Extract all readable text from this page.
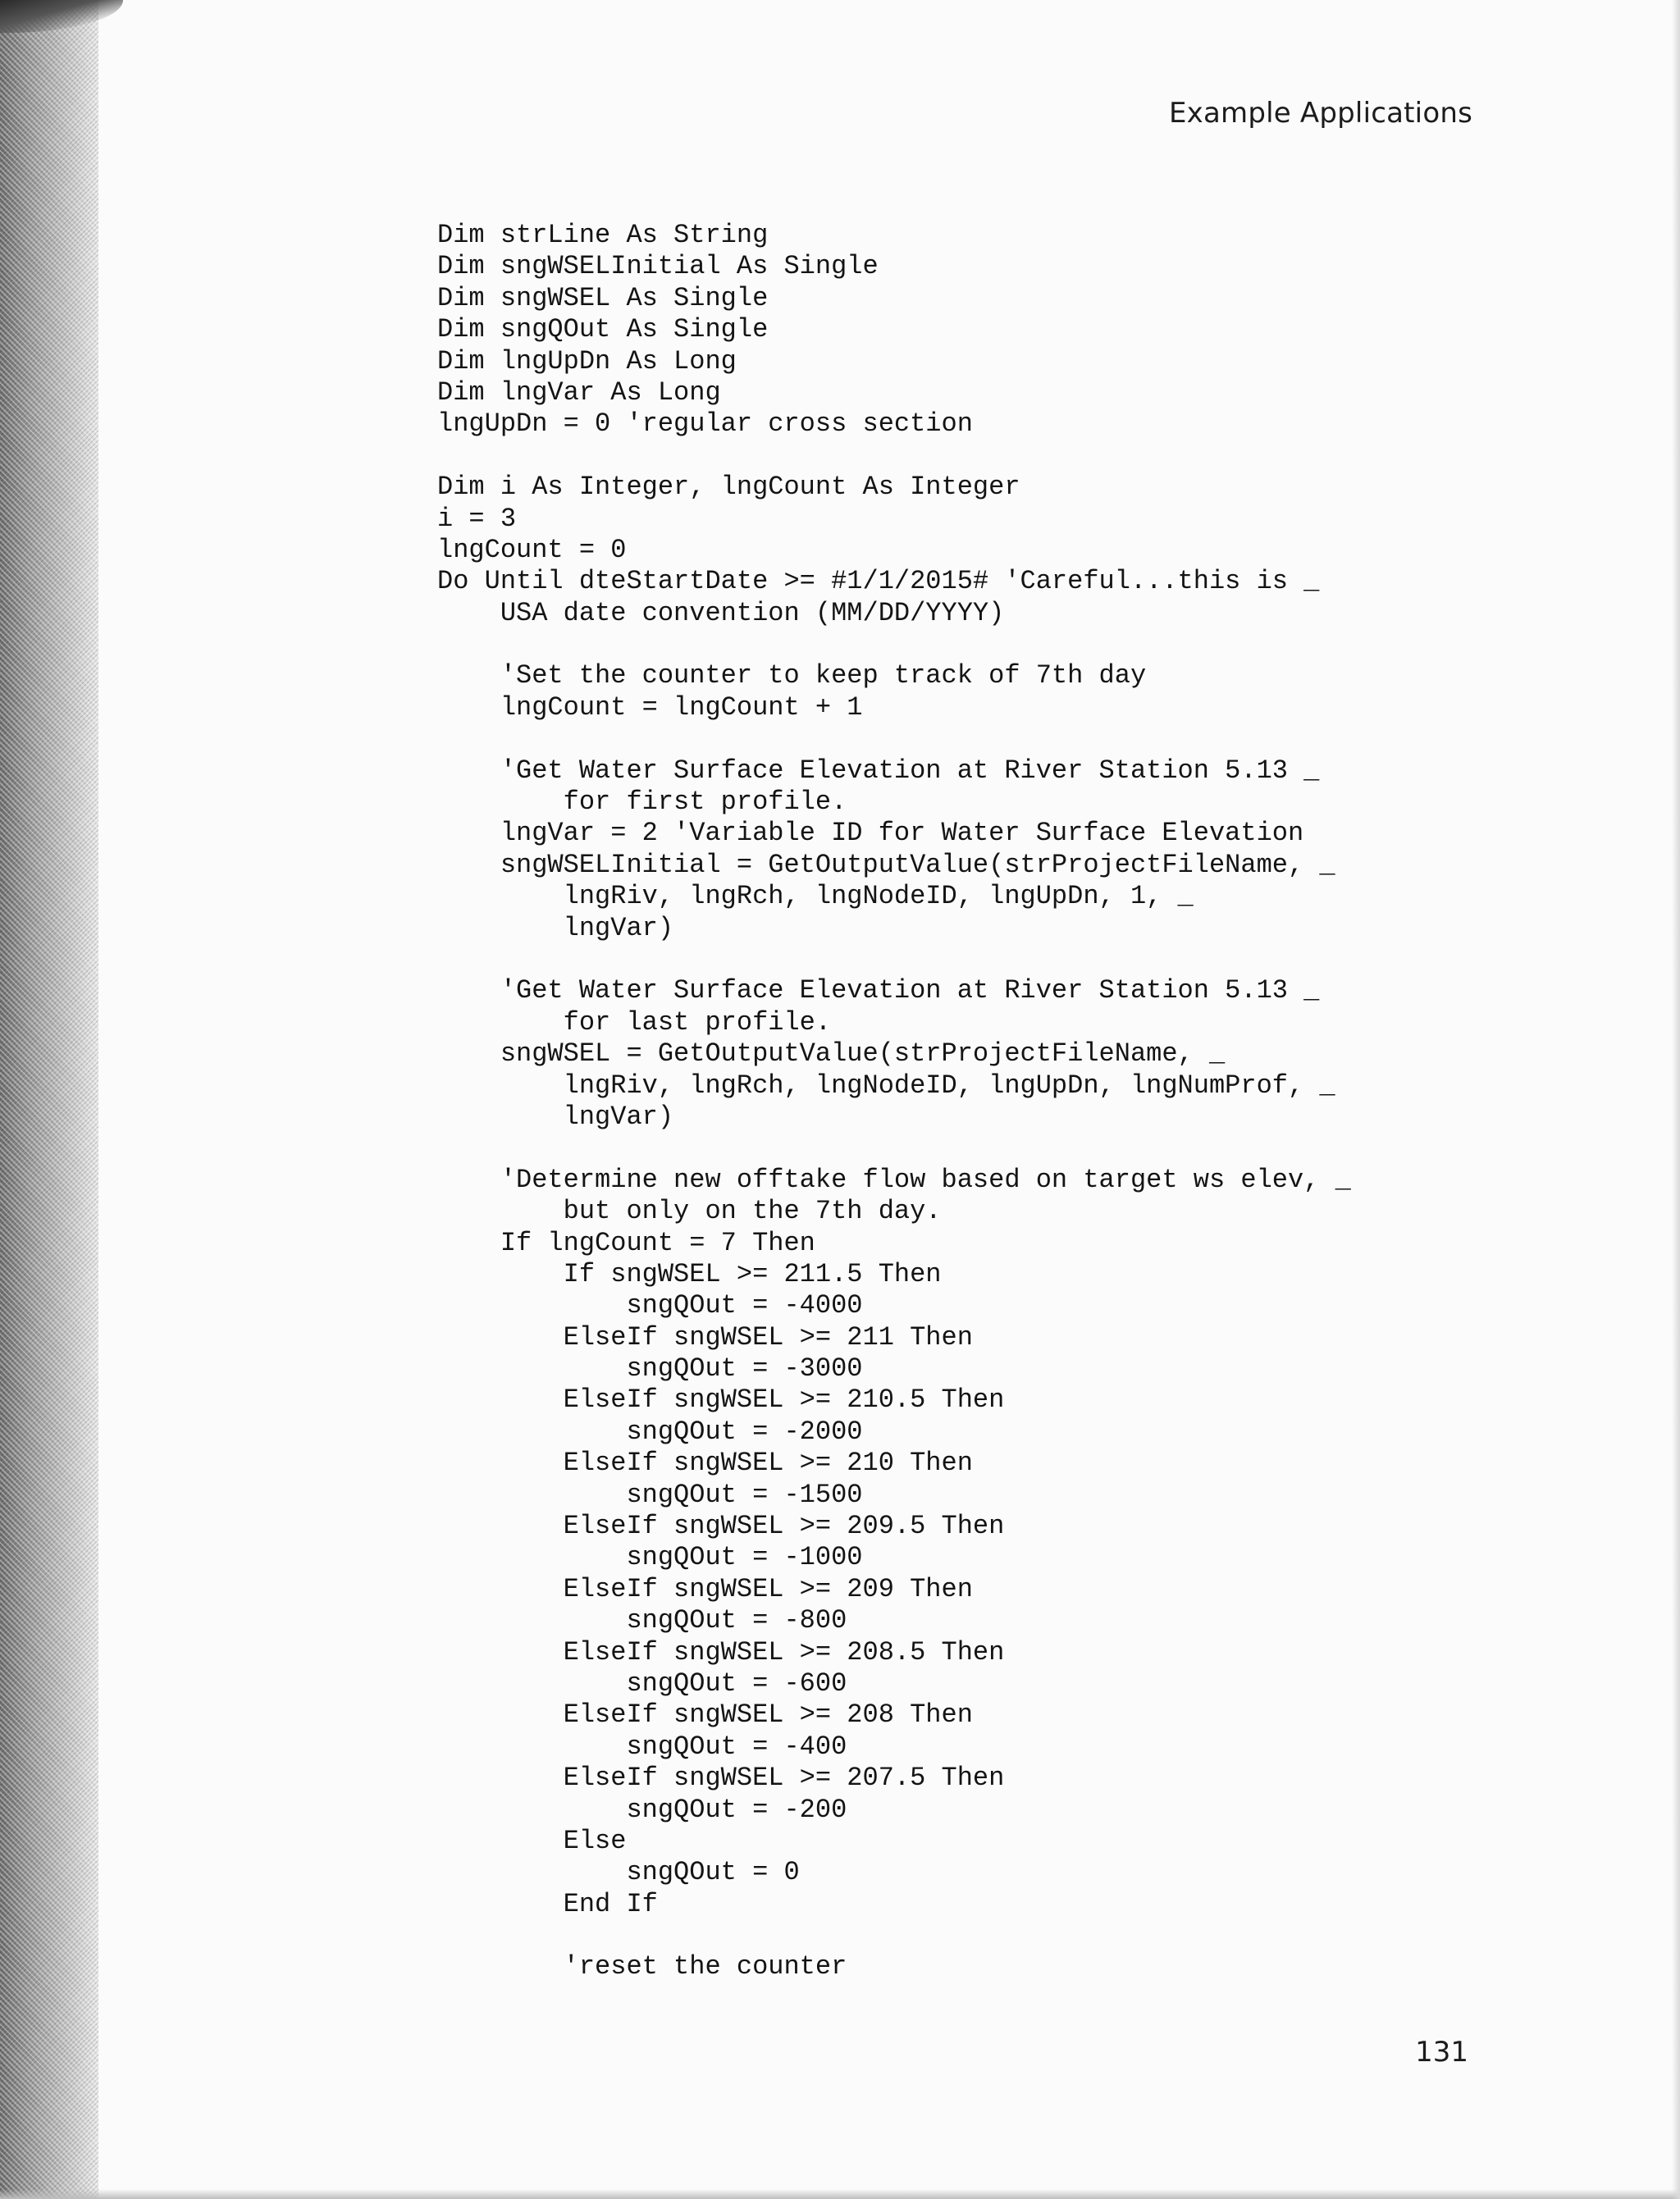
Example Applications
Dim strLine As String
Dim sngWSELInitial As Single
Dim sngWSEL As Single
Dim sngQOut As Single
Dim lngUpDn As Long
Dim lngVar As Long
lngUpDn = 0 'regular cross section
Dim i As Integer, lngCount As Integer
i = 3
lngCount = 0
Do Until dteStartDate >= #1/1/2015# 'Careful...this is _
USA date convention (MM/DD/YYYY)
'Set the counter to keep track of 7th day
lngCount = lngCount + 1
'Get Water Surface Elevation at River Station 5.13 _
for first profile.
lngVar = 2 'Variable ID for Water Surface Elevation
sngWSELInitial = GetOutputValue(strProjectFileName, _
lngRiv, lngRch, lngNodeID, lngUpDn, 1, _
lngVar)
'Get Water Surface Elevation at River Station 5.13 _
for last profile.
sngWSEL = GetOutputValue(strProjectFileName, _
lngRiv, lngRch, lngNodeID, lngUpDn, lngNumProf, _
lngVar)
'Determine new offtake flow based on target ws elev, _
but only on the 7th day.
If lngCount = 7 Then
If sngWSEL >= 211.5 Then
sngQOut = -4000
ElseIf sngWSEL >= 211 Then
sngQOut = -3000
ElseIf sngWSEL >= 210.5 Then
sngQOut = -2000
ElseIf sngWSEL >= 210 Then
sngQOut = -1500
ElseIf sngWSEL >= 209.5 Then
sngQOut = -1000
ElseIf sngWSEL >= 209 Then
sngQOut = -800
ElseIf sngWSEL >= 208.5 Then
sngQOut = -600
ElseIf sngWSEL >= 208 Then
sngQOut = -400
ElseIf sngWSEL >= 207.5 Then
sngQOut = -200
Else
sngQOut = 0
End If
'reset the counter
131
